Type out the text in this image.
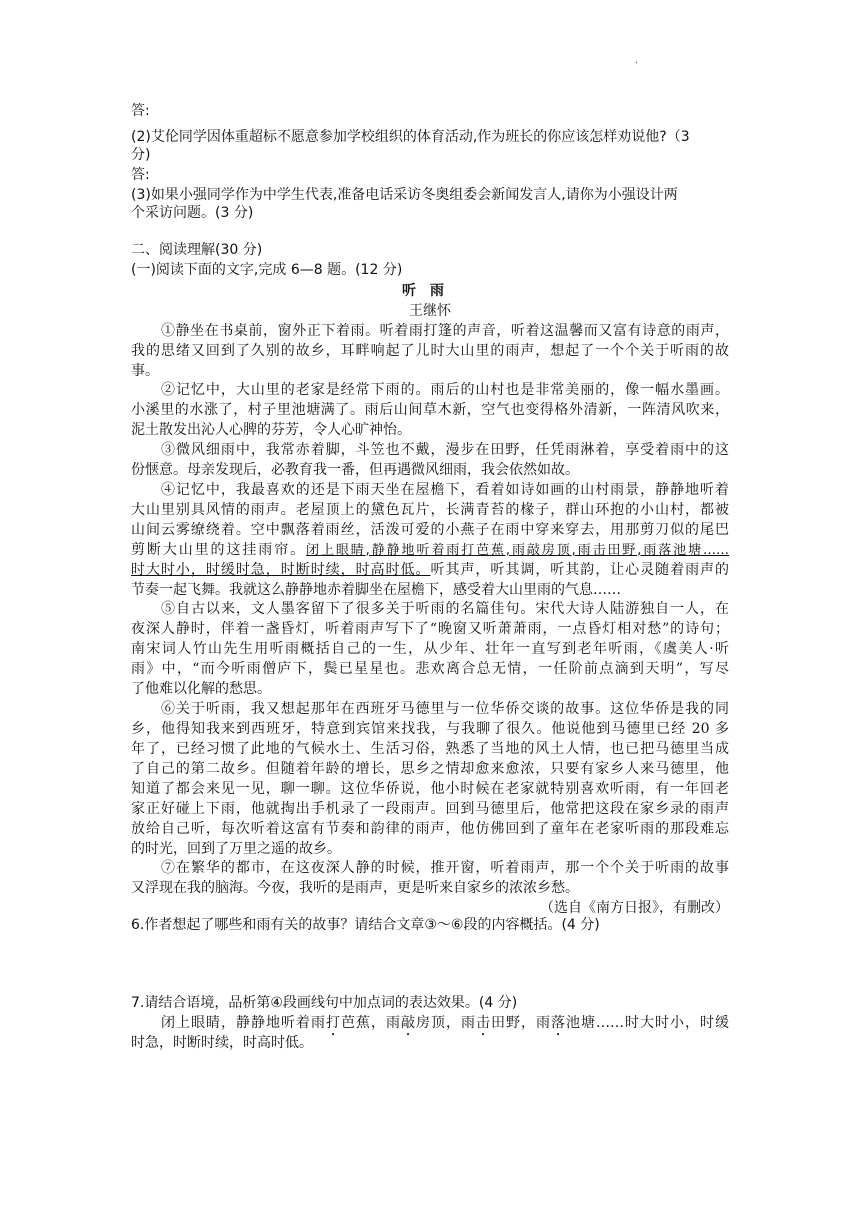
·
答:
(2)艾伦同学因体重超标不愿意参加学校组织的体育活动,作为班长的你应该怎样劝说他?（3
分)
答:
(3)如果小强同学作为中学生代表,准备电话采访冬奥组委会新闻发言人,请你为小强设计两
个采访问题。(3 分)
二、阅读理解(30 分)
(一)阅读下面的文字,完成 6—8 题。(12 分)
听雨
王继怀
①静坐在书桌前，窗外正下着雨。听着雨打篷的声音，听着这温馨而又富有诗意的雨声，
我的思绪又回到了久别的故乡，耳畔响起了儿时大山里的雨声，想起了一个个关于听雨的故
事。
②记忆中，大山里的老家是经常下雨的。雨后的山村也是非常美丽的，像一幅水墨画。
小溪里的水涨了，村子里池塘满了。雨后山间草木新，空气也变得格外清新，一阵清风吹来，
泥土散发出沁人心脾的芬芳，令人心旷神怡。
③微风细雨中，我常赤着脚，斗笠也不戴，漫步在田野，任凭雨淋着，享受着雨中的这
份惬意。母亲发现后，必教育我一番，但再遇微风细雨，我会依然如故。
④记忆中，我最喜欢的还是下雨天坐在屋檐下，看着如诗如画的山村雨景，静静地听着
大山里别具风情的雨声。老屋顶上的黛色瓦片，长满青苔的椽子，群山环抱的小山村，都被
山间云雾缭绕着。空中飘落着雨丝，活泼可爱的小燕子在雨中穿来穿去，用那剪刀似的尾巴
剪断大山里的这挂雨帘。闭上眼睛,静静地听着雨打芭蕉,雨敲房顶,雨击田野,雨落池塘……
时大时小，时缓时急，时断时续，时高时低。听其声，听其调，听其韵，让心灵随着雨声的
节奏一起飞舞。我就这么静静地赤着脚坐在屋檐下，感受着大山里雨的气息……
⑤自古以来，文人墨客留下了很多关于听雨的名篇佳句。宋代大诗人陆游独自一人，在
夜深人静时，伴着一盏昏灯，听着雨声写下了“晚窗又听萧萧雨，一点昏灯相对愁”的诗句；
南宋词人竹山先生用听雨概括自己的一生，从少年、壮年一直写到老年听雨，《虞美人·听
雨》中，“而今听雨僧庐下，鬓已星星也。悲欢离合总无情，一任阶前点滴到天明”，写尽
了他难以化解的愁思。
⑥关于听雨，我又想起那年在西班牙马德里与一位华侨交谈的故事。这位华侨是我的同
乡，他得知我来到西班牙，特意到宾馆来找我，与我聊了很久。他说他到马德里已经 20 多
年了，已经习惯了此地的气候水土、生活习俗，熟悉了当地的风土人情，也已把马德里当成
了自己的第二故乡。但随着年龄的增长，思乡之情却愈来愈浓，只要有家乡人来马德里，他
知道了都会来见一见，聊一聊。这位华侨说，他小时候在老家就特别喜欢听雨，有一年回老
家正好碰上下雨，他就掏出手机录了一段雨声。回到马德里后，他常把这段在家乡录的雨声
放给自己听，每次听着这富有节奏和韵律的雨声，他仿佛回到了童年在老家听雨的那段难忘
的时光，回到了万里之遥的故乡。
⑦在繁华的都市，在这夜深人静的时候，推开窗，听着雨声，那一个个关于听雨的故事
又浮现在我的脑海。今夜，我听的是雨声，更是听来自家乡的浓浓乡愁。
（选自《南方日报》，有删改）
6.作者想起了哪些和雨有关的故事？请结合文章③～⑥段的内容概括。(4 分)
7.请结合语境，品析第④段画线句中加点词的表达效果。(4 分)
闭上眼睛，静静地听着雨打芭蕉，雨敲房顶，雨击田野，雨落池塘……时大时小，时缓
时急，时断时续，时高时低。
